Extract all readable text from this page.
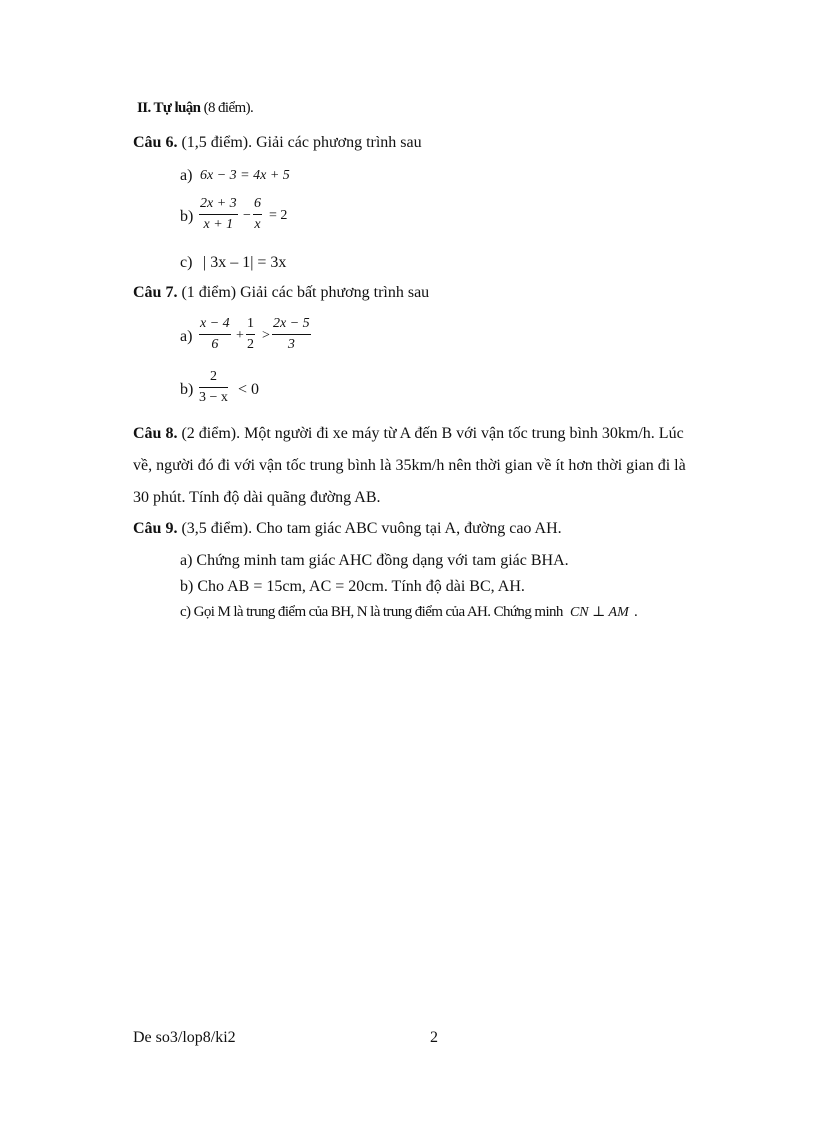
II. Tự luận (8 điểm).
Câu 6. (1,5 điểm). Giải các phương trình sau
a) 6x − 3 = 4x + 5
$b) \frac{2x + 3}{x + 1} - \frac{6}{x} = 2$
c) | 3x – 1| = 3x
Câu 7. (1 điểm) Giải các bất phương trình sau
$a) \frac{x - 4}{6} + \frac{1}{2} > \frac{2x - 5}{3}$
$b) \frac{2}{3 - x} < 0$
Câu 8. (2 điểm). Một người đi xe máy từ A đến B với vận tốc trung bình 30km/h. Lúc
về, người đó đi với vận tốc trung bình là 35km/h nên thời gian về ít hơn thời gian đi là
30 phút. Tính độ dài quãng đường AB.
Câu 9. (3,5 điểm). Cho tam giác ABC vuông tại A, đường cao AH.
a) Chứng minh tam giác AHC đồng dạng với tam giác BHA.
b) Cho AB = 15cm, AC = 20cm. Tính độ dài BC, AH.
c) Gọi M là trung điểm của BH, N là trung điểm của AH. Chứng minh CN ⊥ AM .
De so3/lop8/ki2	2
